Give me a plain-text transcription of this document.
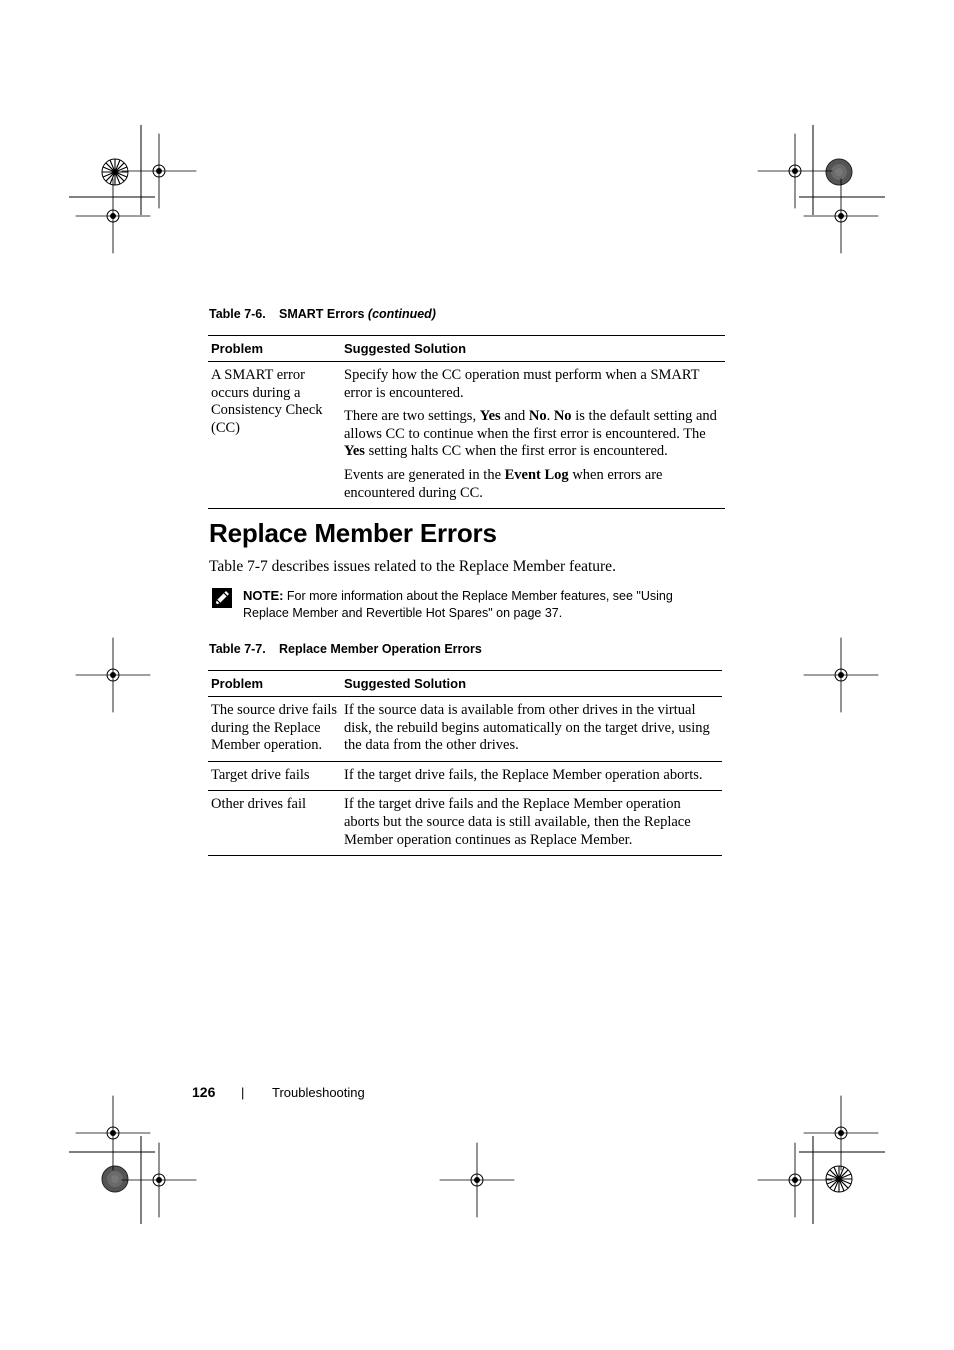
Table 7-6. SMART Errors (continued)
Problem	Suggested Solution
A SMART error occurs during a Consistency Check (CC)	Specify how the CC operation must perform when a SMART error is encountered.

There are two settings, Yes and No. No is the default setting and allows CC to continue when the first error is encountered. The Yes setting halts CC when the first error is encountered.

Events are generated in the Event Log when errors are encountered during CC.

Replace Member Errors
Table 7-7 describes issues related to the Replace Member feature.
NOTE: For more information about the Replace Member features, see "Using Replace Member and Revertible Hot Spares" on page 37.
Table 7-7. Replace Member Operation Errors
Problem	Suggested Solution
The source drive fails during the Replace Member operation.	If the source data is available from other drives in the virtual disk, the rebuild begins automatically on the target drive, using the data from the other drives.
Target drive fails	If the target drive fails, the Replace Member operation aborts.
Other drives fail	If the target drive fails and the Replace Member operation aborts but the source data is still available, then the Replace Member operation continues as Replace Member.
126 | Troubleshooting
